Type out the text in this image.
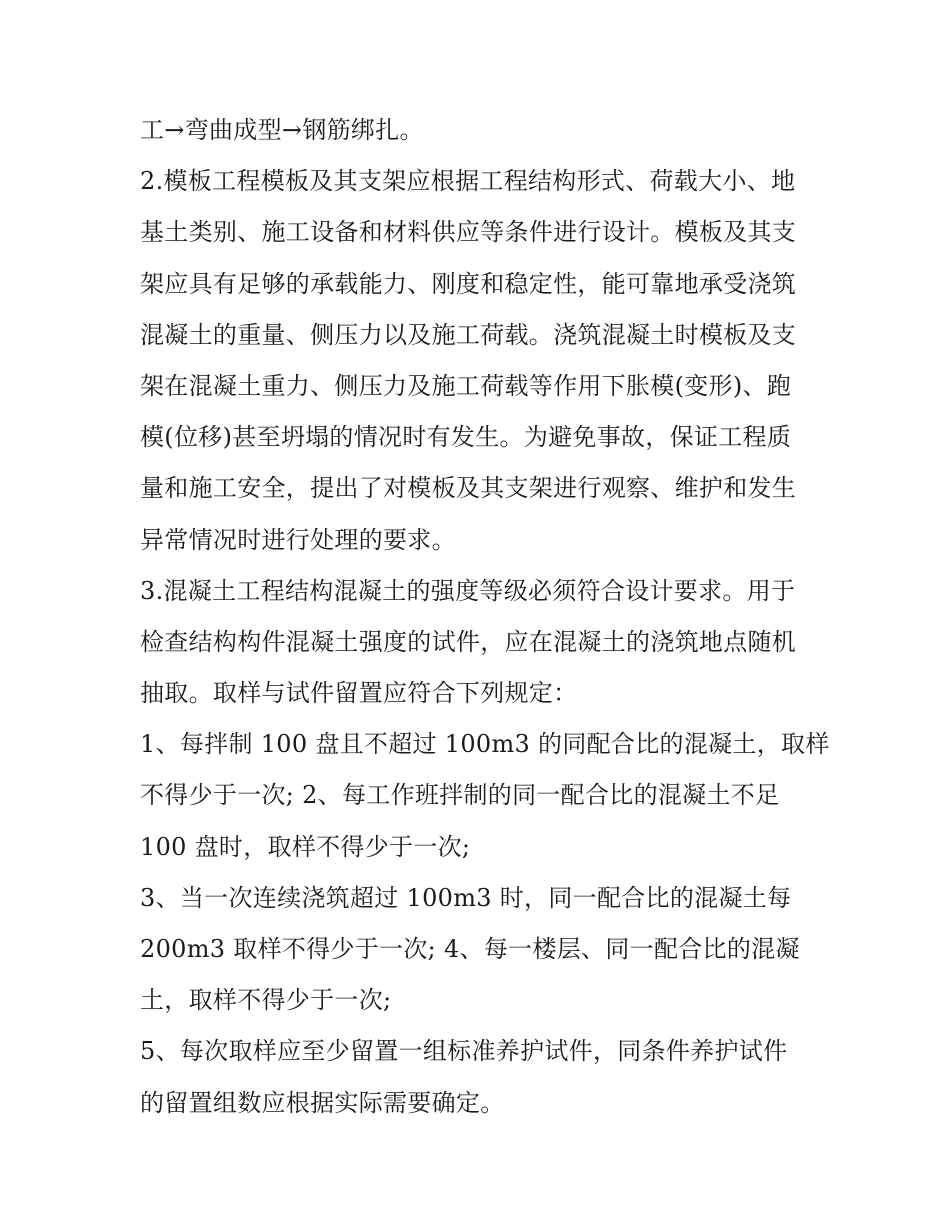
工→弯曲成型→钢筋绑扎。
2.模板工程模板及其支架应根据工程结构形式、荷载大小、地
基土类别、施工设备和材料供应等条件进行设计。模板及其支
架应具有足够的承载能力、刚度和稳定性，能可靠地承受浇筑
混凝土的重量、侧压力以及施工荷载。浇筑混凝土时模板及支
架在混凝土重力、侧压力及施工荷载等作用下胀模(变形)、跑
模(位移)甚至坍塌的情况时有发生。为避免事故，保证工程质
量和施工安全，提出了对模板及其支架进行观察、维护和发生
异常情况时进行处理的要求。
3.混凝土工程结构混凝土的强度等级必须符合设计要求。用于
检查结构构件混凝土强度的试件，应在混凝土的浇筑地点随机
抽取。取样与试件留置应符合下列规定：
1、每拌制 100 盘且不超过 100m3 的同配合比的混凝土，取样
不得少于一次; 2、每工作班拌制的同一配合比的混凝土不足
100 盘时，取样不得少于一次;
3、当一次连续浇筑超过 100m3 时，同一配合比的混凝土每
200m3 取样不得少于一次; 4、每一楼层、同一配合比的混凝
土，取样不得少于一次;
5、每次取样应至少留置一组标准养护试件，同条件养护试件
的留置组数应根据实际需要确定。
